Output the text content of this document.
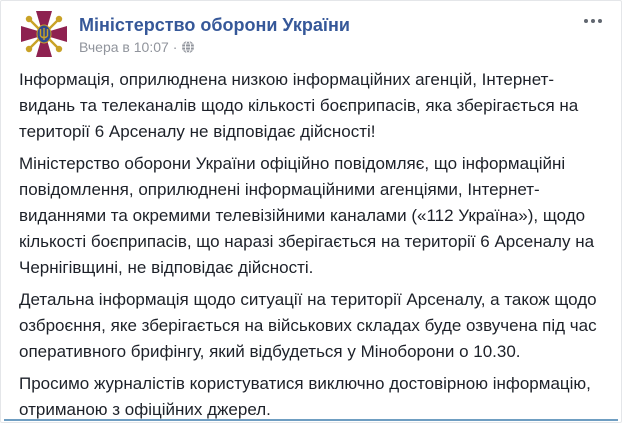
Міністерство оборони України
Вчера в 10:07 ·

Інформація, оприлюднена низкою інформаційних агенцій, Інтернет-видань та телеканалів щодо кількості боєприпасів, яка зберігається на території 6 Арсеналу не відповідає дійсності!

Міністерство оборони України офіційно повідомляє, що інформаційні повідомлення, оприлюднені інформаційними агенціями, Інтернет-виданнями та окремими телевізійними каналами («112 Україна»), щодо кількості боєприпасів, що наразі зберігається на території 6 Арсеналу на Чернігівщині, не відповідає дійсності.

Детальна інформація щодо ситуації на території Арсеналу, а також щодо озброєння, яке зберігається на військових складах буде озвучена під час оперативного брифінгу, який відбудеться у Міноборони о 10.30.

Просимо журналістів користуватися виключно достовірною інформацію, отриманою з офіційних джерел.
